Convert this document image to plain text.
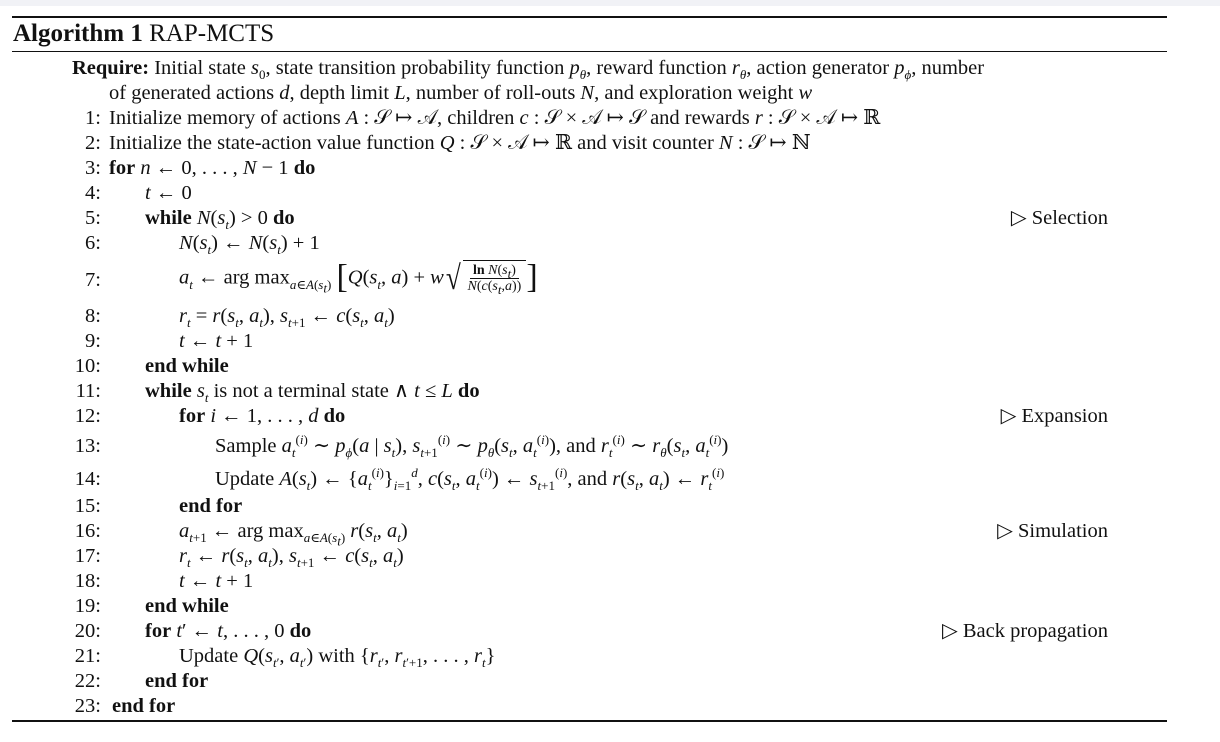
Algorithm 1 RAP-MCTS
Require: Initial state $s_0$, state transition probability function $p_\theta$, reward function $r_\theta$, action generator $p_\phi$, number
of generated actions d, depth limit L, number of roll-outs N, and exploration weight w
1: Initialize memory of actions A : 𝒮 ↦ 𝒜, children c : 𝒮 × 𝒜 ↦ 𝒮 and rewards r : 𝒮 × 𝒜 ↦ ℝ
2: Initialize the state-action value function Q : 𝒮 × 𝒜 ↦ ℝ and visit counter N : 𝒮 ↦ ℕ
3: for n ← 0, . . . , N − 1 do
4: t ← 0
5: while $N(s_t) > 0$ do	▷ Selection
6:	$N(s_t)$ ← $N(s_t) + 1$
7:	$a_t$ ← arg $\max_{a\in A(s_t)} [Q(s_t$, a) + w √ $\frac{\ln N(s_t)}{N(c(s_t,a))}$ ]
8:	$r_t = r(s_t$, $a_t$), $s_{t+1}$ ← $c(s_t$, $a_t$)
9:	t ← t + 1
10: end while
11: while $s_t$ is not a terminal state ∧ t ≤ L do
12:	for i ← 1, . . . , d do	▷ Expansion
13:	Sample $a_t^{(i)}$ ∼ $p_\phi(a$ | $s_t$), $s_{t+1}^{(i)}$ ∼ $p_\theta(s_t$, $a_t^{(i)}$), and $r_t^{(i)}$ ∼ $r_\theta(s_t$, $a_t^{(i)}$)
14:	Update $A(s_t)$ ← $\{a_t^{(i)}\}_{i=1}^d$, $c(s_t$, $a_t^{(i)}$) ← $s_{t+1}^{(i)}$, and $r(s_t$, $a_t$) ← $r_t^{(i)}$
15:	end for
16:	$a_{t+1}$ ← arg $\max_{a\in A(s_t)} r(s_t$, $a_t$)	▷ Simulation
17:	$r_t$ ← $r(s_t$, $a_t$), $s_{t+1}$ ← $c(s_t$, $a_t$)
18:	t ← t + 1
19: end while
20: for t′ ← t, . . . , 0 do	▷ Back propagation
21:	Update $Q(s_{t'}$, $a_{t'}$) with {$r_{t'}$, $r_{t'+1}$, . . . , $r_t$}
22: end for
23: end for
